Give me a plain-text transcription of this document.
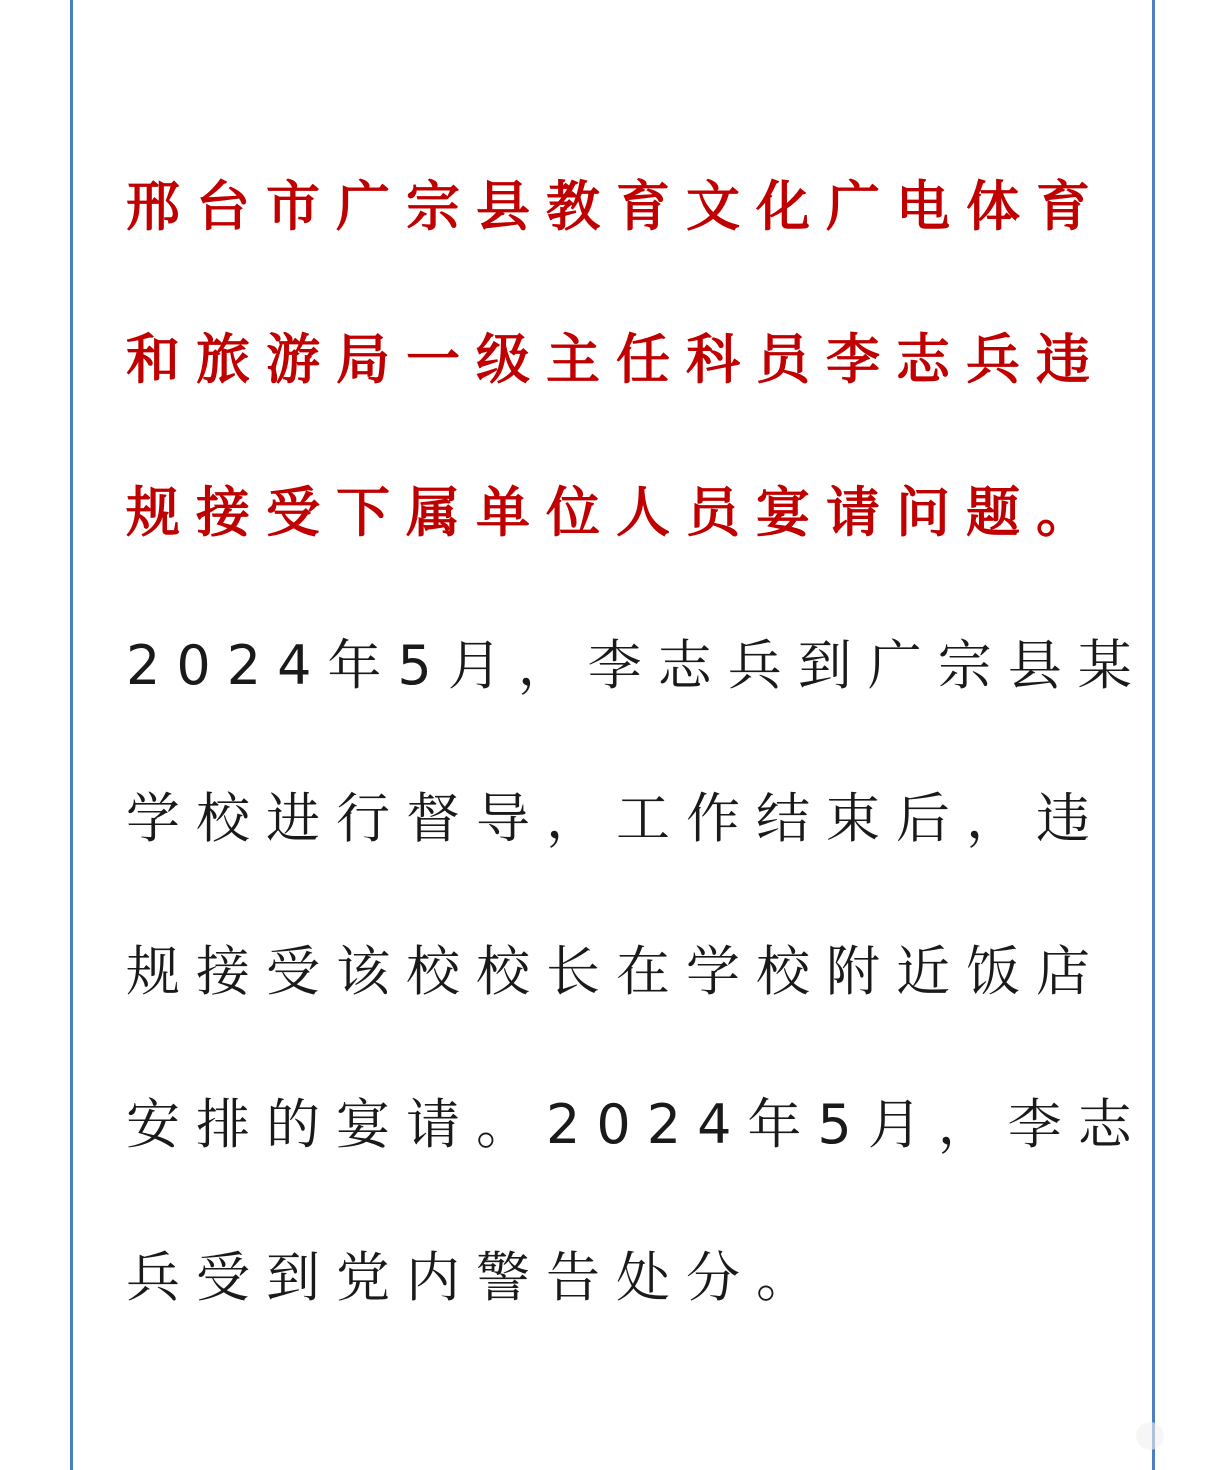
邢台市广宗县教育文化广电体育
和旅游局一级主任科员李志兵违
规接受下属单位人员宴请问题。
2024年5月，李志兵到广宗县某
学校进行督导，工作结束后，违
规接受该校校长在学校附近饭店
安排的宴请。2024年5月，李志
兵受到党内警告处分。
